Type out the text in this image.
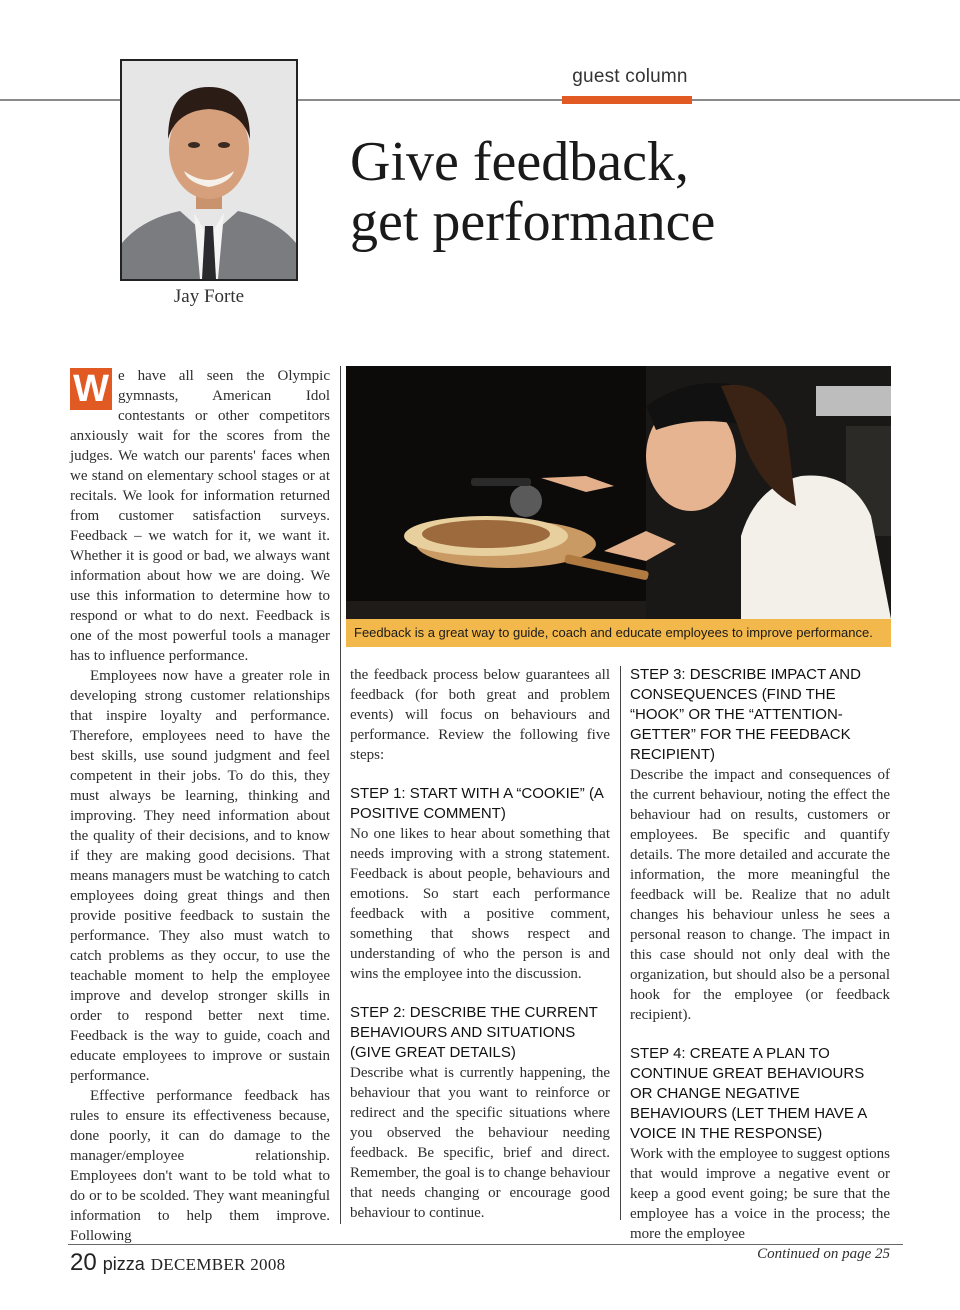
guest column
Jay Forte
Give feedback,
get performance
W e have all seen the Olympic gymnasts, American Idol contestants or other competitors anxiously wait for the scores from the judges. We watch our parents' faces when we stand on elementary school stages or at recitals. We look for information returned from customer satisfaction surveys. Feedback – we watch for it, we want it. Whether it is good or bad, we always want information about how we are doing. We use this information to determine how to respond or what to do next. Feedback is one of the most powerful tools a manager has to influence performance.

Employees now have a greater role in developing strong customer relationships that inspire loyalty and performance. Therefore, employees need to have the best skills, use sound judgment and feel competent in their jobs. To do this, they must always be learning, thinking and improving. They need information about the quality of their decisions, and to know if they are making good decisions. That means managers must be watching to catch employees doing great things and then provide positive feedback to sustain the performance. They also must watch to catch problems as they occur, to use the teachable moment to help the employee improve and develop stronger skills in order to respond better next time. Feedback is the way to guide, coach and educate employees to improve or sustain performance.

Effective performance feedback has rules to ensure its effectiveness because, done poorly, it can do damage to the manager/employee relationship. Employees don't want to be told what to do or to be scolded. They want meaningful information to help them improve. Following

Feedback is a great way to guide, coach and educate employees to improve performance.

the feedback process below guarantees all feedback (for both great and problem events) will focus on behaviours and performance. Review the following five steps:

STEP 1: START WITH A “COOKIE” (A POSITIVE COMMENT)

No one likes to hear about something that needs improving with a strong statement. Feedback is about people, behaviours and emotions. So start each performance feedback with a positive comment, something that shows respect and understanding of who the person is and wins the employee into the discussion.

STEP 2: DESCRIBE THE CURRENT BEHAVIOURS AND SITUATIONS (GIVE GREAT DETAILS)

Describe what is currently happening, the behaviour that you want to reinforce or redirect and the specific situations where you observed the behaviour needing feedback. Be specific, brief and direct. Remember, the goal is to change behaviour that needs changing or encourage good behaviour to continue.

STEP 3: DESCRIBE IMPACT AND CONSEQUENCES (FIND THE “HOOK” OR THE “ATTENTION-GETTER” FOR THE FEEDBACK RECIPIENT)

Describe the impact and consequences of the current behaviour, noting the effect the behaviour had on results, customers or employees. Be specific and quantify details. The more detailed and accurate the information, the more meaningful the feedback will be. Realize that no adult changes his behaviour unless he sees a personal reason to change. The impact in this case should not only deal with the organization, but should also be a personal hook for the employee (or feedback recipient).

STEP 4: CREATE A PLAN TO CONTINUE GREAT BEHAVIOURS OR CHANGE NEGATIVE BEHAVIOURS (LET THEM HAVE A VOICE IN THE RESPONSE)

Work with the employee to suggest options that would improve a negative event or keep a good event going; be sure that the employee has a voice in the process; the more the employee

Continued on page 25

20 pizza DECEMBER 2008
